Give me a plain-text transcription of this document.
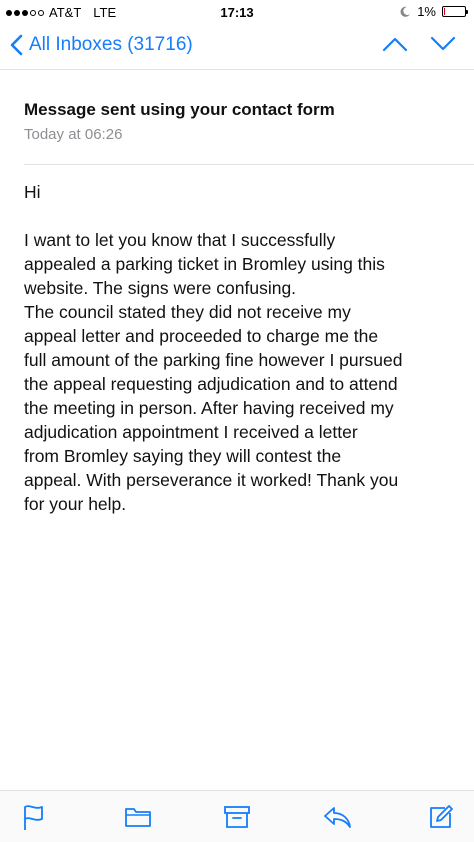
AT&T LTE	17:13	1%
All Inboxes (31716)
Message sent using your contact form
Today at 06:26
Hi
I want to let you know that I successfully
appealed a parking ticket in Bromley using this
website. The signs were confusing.
The council stated they did not receive my
appeal letter and proceeded to charge me the
full amount of the parking fine however I pursued
the appeal requesting adjudication and to attend
the meeting in person. After having received my
adjudication appointment I received a letter
from Bromley saying they will contest the
appeal. With perseverance it worked! Thank you
for your help.
